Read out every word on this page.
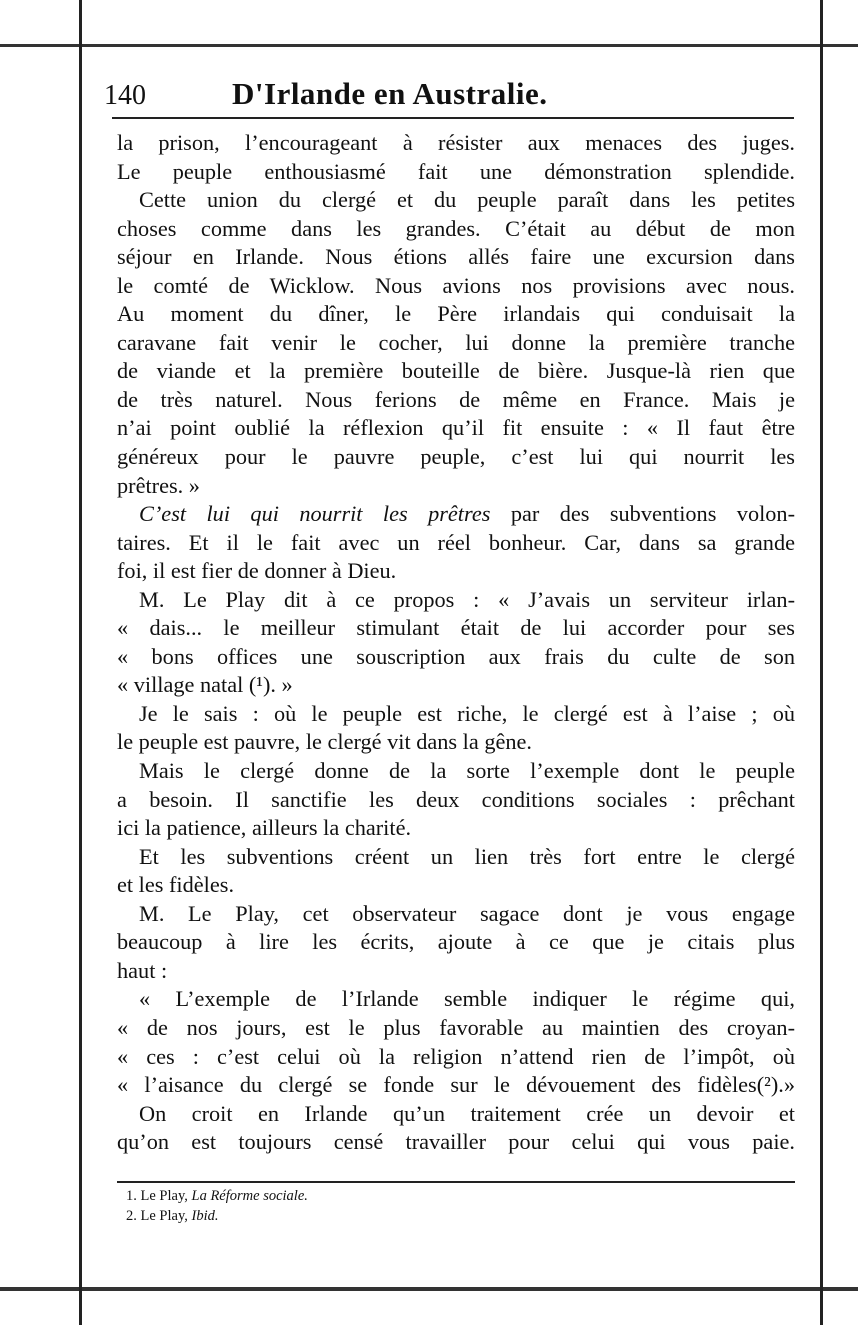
140	D'Irlande en Australie.
la prison, l’encourageant à résister aux menaces des juges.
Le peuple enthousiasmé fait une démonstration splendide.
Cette union du clergé et du peuple paraît dans les petites
choses comme dans les grandes. C’était au début de mon
séjour en Irlande. Nous étions allés faire une excursion dans
le comté de Wicklow. Nous avions nos provisions avec nous.
Au moment du dîner, le Père irlandais qui conduisait la
caravane fait venir le cocher, lui donne la première tranche
de viande et la première bouteille de bière. Jusque-là rien que
de très naturel. Nous ferions de même en France. Mais je
n’ai point oublié la réflexion qu’il fit ensuite : « Il faut être
généreux pour le pauvre peuple, c’est lui qui nourrit les
prêtres. »
C’est lui qui nourrit les prêtres par des subventions volon-
taires. Et il le fait avec un réel bonheur. Car, dans sa grande
foi, il est fier de donner à Dieu.
M. Le Play dit à ce propos : « J’avais un serviteur irlan-
« dais... le meilleur stimulant était de lui accorder pour ses
« bons offices une souscription aux frais du culte de son
« village natal (¹). »
Je le sais : où le peuple est riche, le clergé est à l’aise ; où
le peuple est pauvre, le clergé vit dans la gêne.
Mais le clergé donne de la sorte l’exemple dont le peuple
a besoin. Il sanctifie les deux conditions sociales : prêchant
ici la patience, ailleurs la charité.
Et les subventions créent un lien très fort entre le clergé
et les fidèles.
M. Le Play, cet observateur sagace dont je vous engage
beaucoup à lire les écrits, ajoute à ce que je citais plus
haut :
« L’exemple de l’Irlande semble indiquer le régime qui,
« de nos jours, est le plus favorable au maintien des croyan-
« ces : c’est celui où la religion n’attend rien de l’impôt, où
« l’aisance du clergé se fonde sur le dévouement des fidèles(²).»
On croit en Irlande qu’un traitement crée un devoir et
qu’on est toujours censé travailler pour celui qui vous paie.
1. Le Play, La Réforme sociale.
2. Le Play, Ibid.
